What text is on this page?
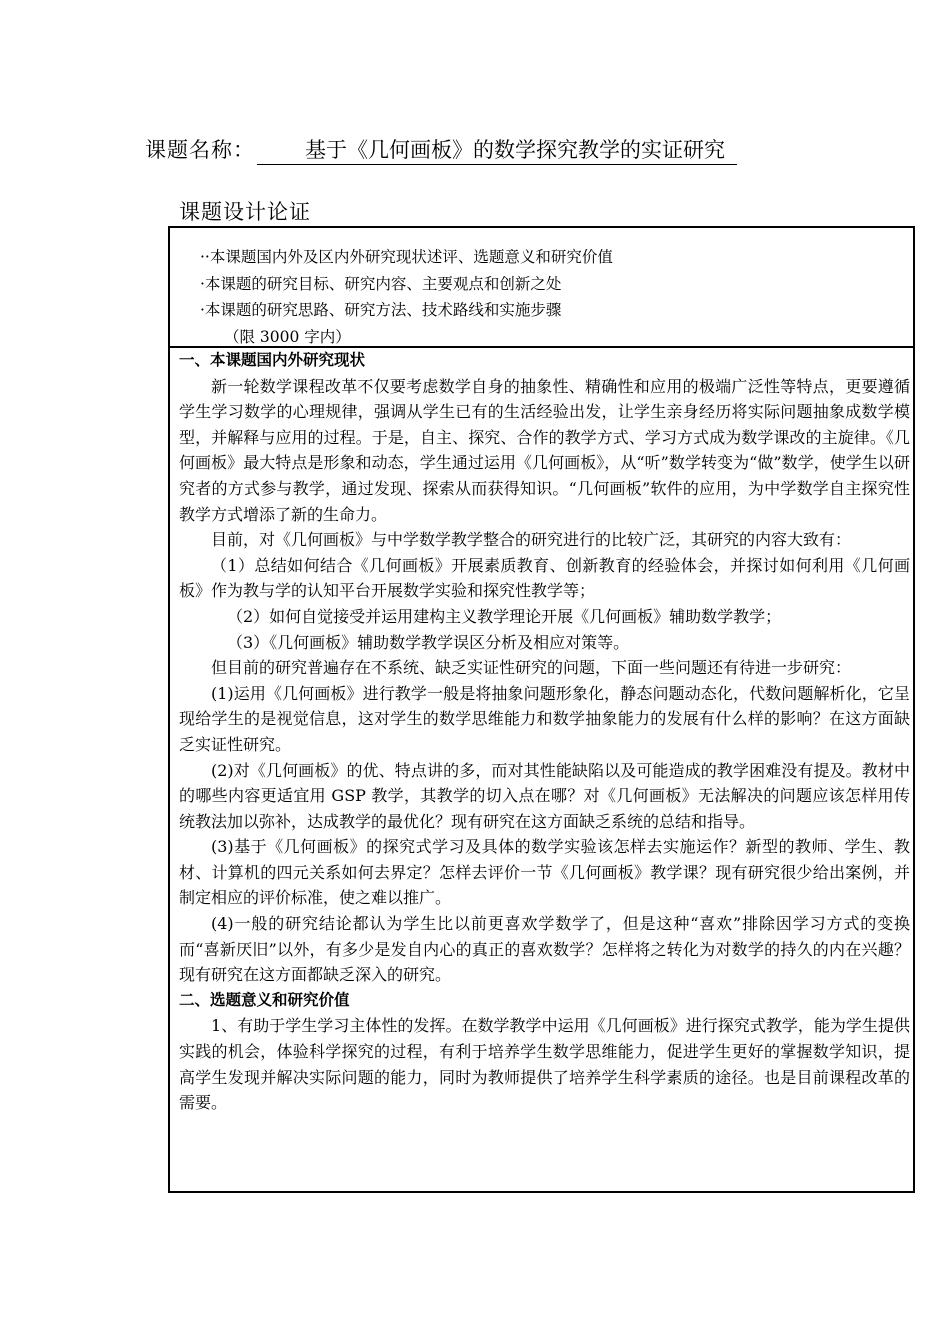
课题名称： 基于《几何画板》的数学探究教学的实证研究
课题设计论证
··本课题国内外及区内外研究现状述评、选题意义和研究价值
·本课题的研究目标、研究内容、主要观点和创新之处
·本课题的研究思路、研究方法、技术路线和实施步骤
（限 3000 字内）

一、本课题国内外研究现状

新一轮数学课程改革不仅要考虑数学自身的抽象性、精确性和应用的极端广泛性等特点，更要遵循学生学习数学的心理规律，强调从学生已有的生活经验出发，让学生亲身经历将实际问题抽象成数学模型，并解释与应用的过程。于是，自主、探究、合作的教学方式、学习方式成为数学课改的主旋律。《几何画板》最大特点是形象和动态，学生通过运用《几何画板》，从“听”数学转变为“做”数学，使学生以研究者的方式参与教学，通过发现、探索从而获得知识。“几何画板”软件的应用，为中学数学自主探究性教学方式增添了新的生命力。

目前，对《几何画板》与中学数学教学整合的研究进行的比较广泛，其研究的内容大致有：

（1）总结如何结合《几何画板》开展素质教育、创新教育的经验体会，并探讨如何利用《几何画板》作为教与学的认知平台开展数学实验和探究性教学等；

（2）如何自觉接受并运用建构主义教学理论开展《几何画板》辅助数学教学；

（3）《几何画板》辅助数学教学误区分析及相应对策等。

但目前的研究普遍存在不系统、缺乏实证性研究的问题，下面一些问题还有待进一步研究：

(1)运用《几何画板》进行教学一般是将抽象问题形象化，静态问题动态化，代数问题解析化，它呈现给学生的是视觉信息，这对学生的数学思维能力和数学抽象能力的发展有什么样的影响？在这方面缺乏实证性研究。

(2)对《几何画板》的优、特点讲的多，而对其性能缺陷以及可能造成的教学困难没有提及。教材中的哪些内容更适宜用 GSP 教学，其教学的切入点在哪？对《几何画板》无法解决的问题应该怎样用传统教法加以弥补，达成教学的最优化？现有研究在这方面缺乏系统的总结和指导。

(3)基于《几何画板》的探究式学习及具体的数学实验该怎样去实施运作？新型的教师、学生、教材、计算机的四元关系如何去界定？怎样去评价一节《几何画板》教学课？现有研究很少给出案例，并制定相应的评价标准，使之难以推广。

(4)一般的研究结论都认为学生比以前更喜欢学数学了，但是这种“喜欢”排除因学习方式的变换而“喜新厌旧”以外，有多少是发自内心的真正的喜欢数学？怎样将之转化为对数学的持久的内在兴趣？现有研究在这方面都缺乏深入的研究。

二、选题意义和研究价值

1、有助于学生学习主体性的发挥。在数学教学中运用《几何画板》进行探究式教学，能为学生提供实践的机会，体验科学探究的过程，有利于培养学生数学思维能力，促进学生更好的掌握数学知识，提高学生发现并解决实际问题的能力，同时为教师提供了培养学生科学素质的途径。也是目前课程改革的需要。
